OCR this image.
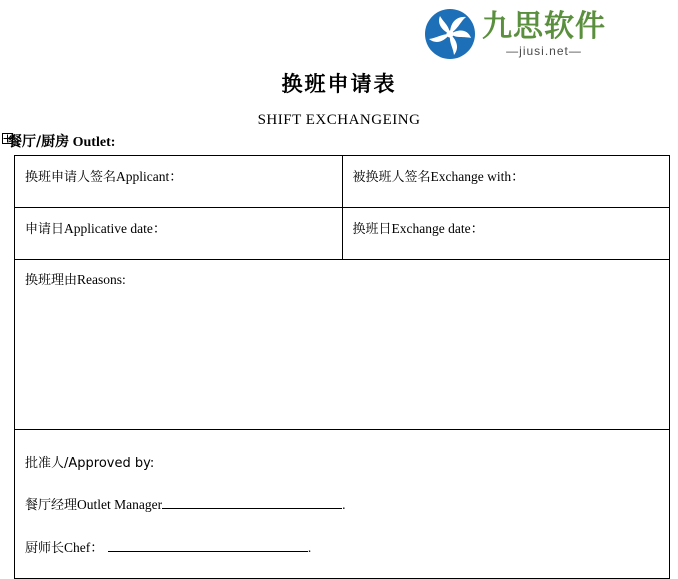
九思软件
—jiusi.net—
换班申请表
SHIFT EXCHANGEING
餐厅/厨房 Outlet:
换班申请人签名Applicant：	被换班人签名Exchange with：
申请日Applicative date：	换班日Exchange date：
换班理由Reasons:	

批准人/Approved by:
餐厅经理Outlet Manager .
厨师长Chef： .	
